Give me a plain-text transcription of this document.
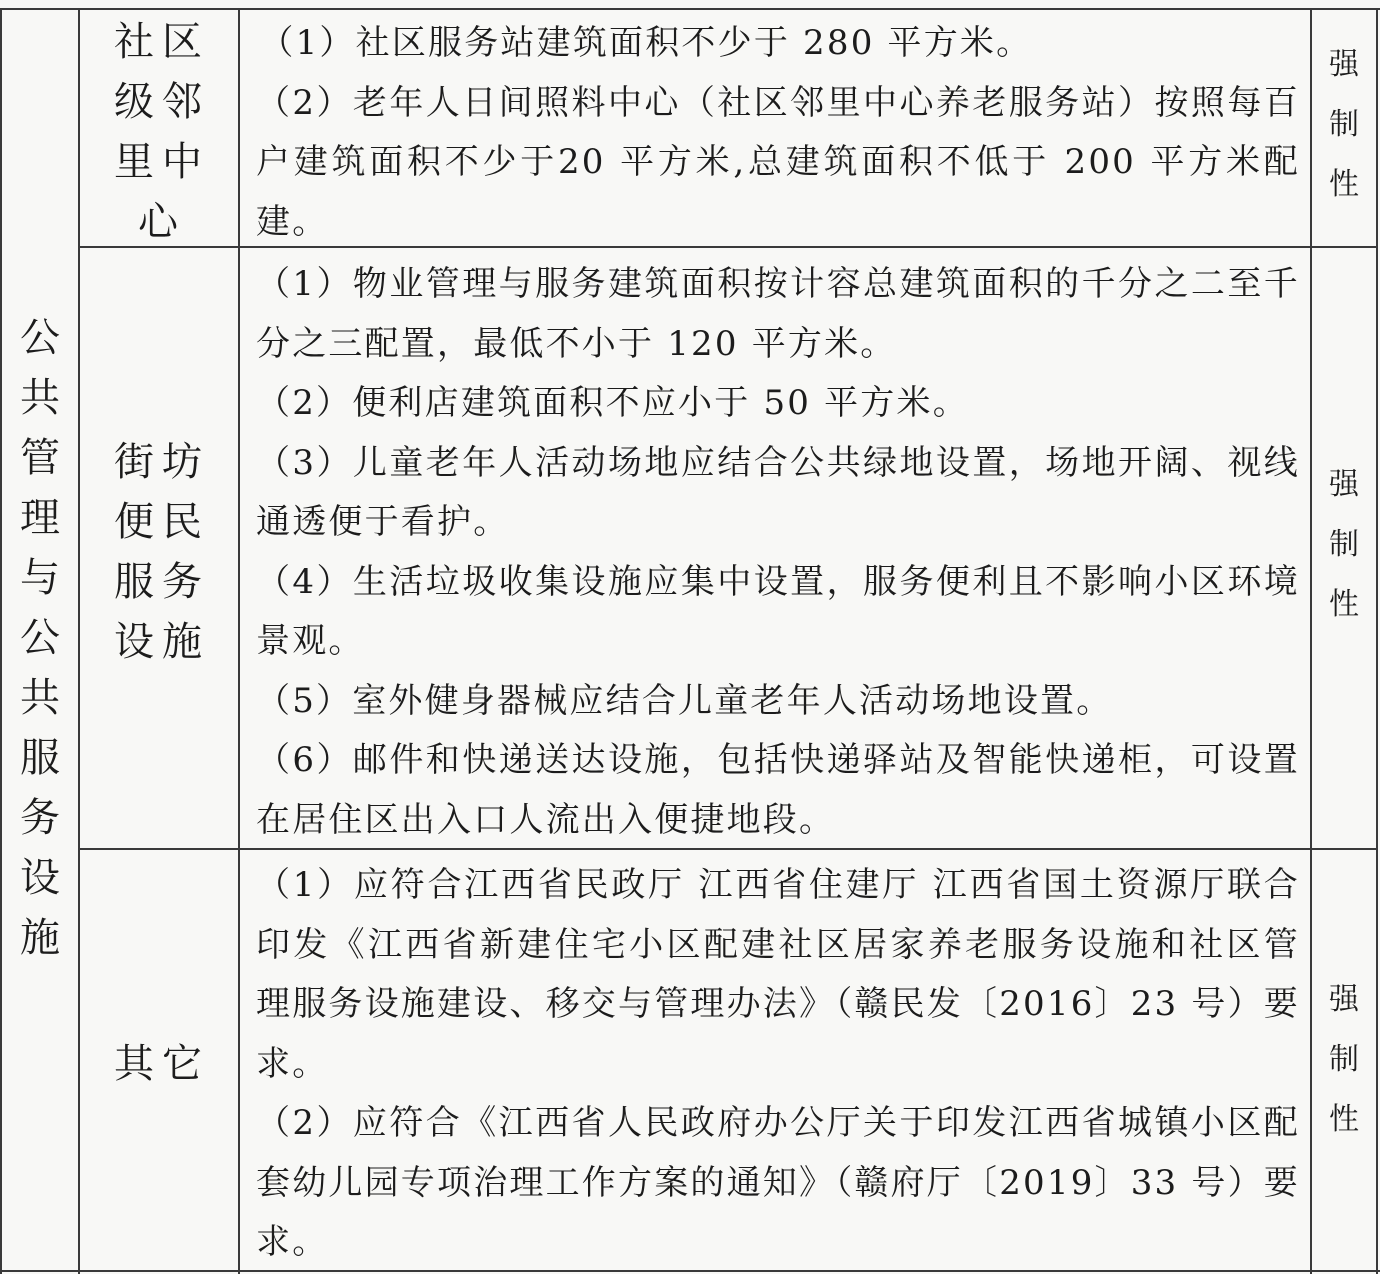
公
共
管
理
与
公
共
服
务
设
施
社区级邻里中心

（1）社区服务站建筑面积不少于 280 平方米。

（2）老年人日间照料中心（社区邻里中心养老服务站）按照每百户建筑面积不少于20 平方米,总建筑面积不低于 200 平方米配建。

强
制
性
街坊便民服务设施

（1）物业管理与服务建筑面积按计容总建筑面积的千分之二至千分之三配置，最低不小于 120 平方米。

（2）便利店建筑面积不应小于 50 平方米。

（3）儿童老年人活动场地应结合公共绿地设置，场地开阔、视线通透便于看护。

（4）生活垃圾收集设施应集中设置，服务便利且不影响小区环境景观。

（5）室外健身器械应结合儿童老年人活动场地设置。

（6）邮件和快递送达设施，包括快递驿站及智能快递柜，可设置在居住区出入口人流出入便捷地段。

强
制
性
其它

（1）应符合江西省民政厅 江西省住建厅 江西省国土资源厅联合印发《江西省新建住宅小区配建社区居家养老服务设施和社区管理服务设施建设、移交与管理办法》（赣民发〔2016〕23 号）要求。

（2）应符合《江西省人民政府办公厅关于印发江西省城镇小区配套幼儿园专项治理工作方案的通知》（赣府厅〔2019〕33 号）要求。

强
制
性
